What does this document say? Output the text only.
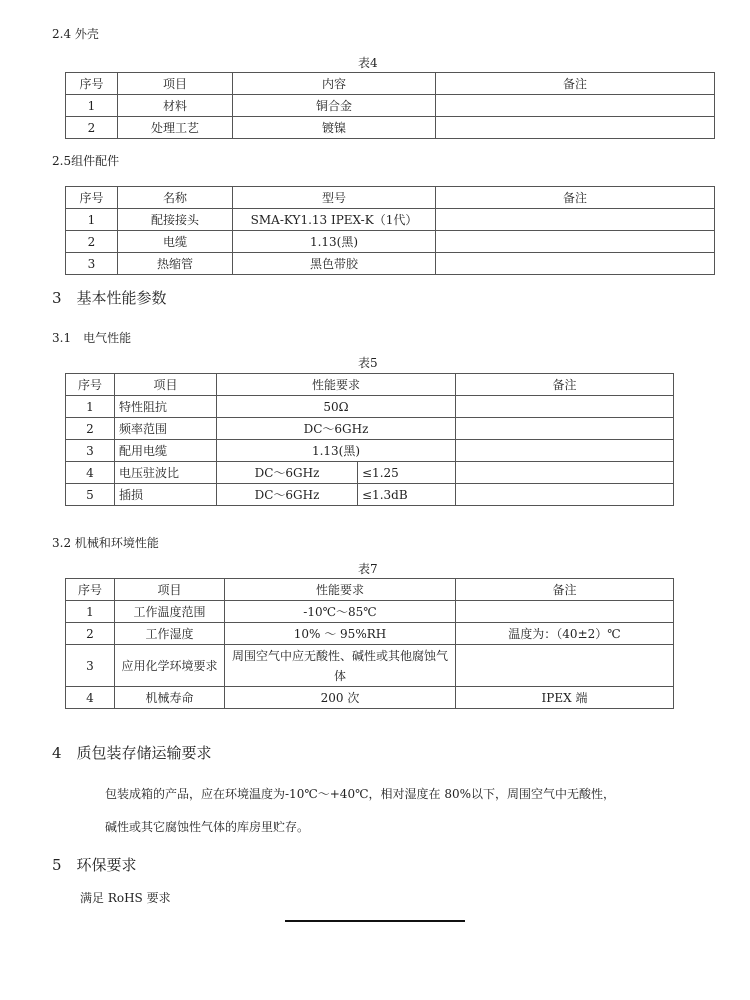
2.4 外壳
表4
序号	项目	内容	备注
1	材料	铜合金	
2	处理工艺	镀镍	
2.5组件配件
序号	名称	型号	备注
1	配接接头	SMA-KY1.13 IPEX-K（1代）	
2	电缆	1.13(黑)	
3	热缩管	黑色带胶	
3　基本性能参数
3.1　电气性能
表5
序号	项目	性能要求		备注
1	特性阻抗	50Ω		
2	频率范围	DC～6GHz		
3	配用电缆	1.13(黑)		
4	电压驻波比	DC～6GHz	≤1.25	
5	插损	DC～6GHz	≤1.3dB	
3.2 机械和环境性能
表7
序号	项目	性能要求	备注
1	工作温度范围	-10℃～85℃	
2	工作湿度	10% ～ 95%RH	温度为：（40±2）℃
3	应用化学环境要求	周围空气中应无酸性、碱性或其他腐蚀气体	
4	机械寿命	200 次	IPEX 端
4　质包装存储运输要求
包装成箱的产品，应在环境温度为-10℃～+40℃，相对湿度在 80%以下，周围空气中无酸性，
碱性或其它腐蚀性气体的库房里贮存。
5　环保要求
满足 RoHS 要求
